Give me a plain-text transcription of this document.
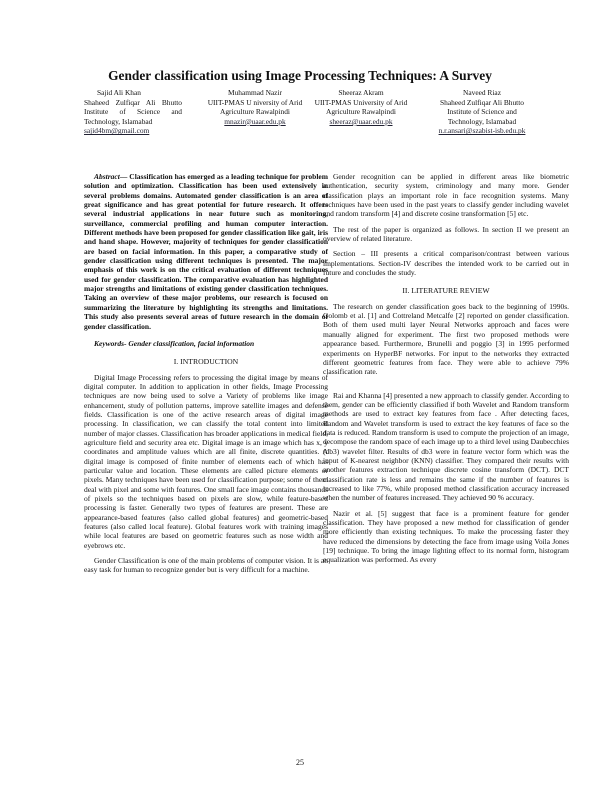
Gender classification using Image Processing Techniques: A Survey
Sajid Ali Khan
Shaheed Zulfiqar Ali Bhutto Institute of Science and Technology, Islamabad
sajid4bm@gmail.com
Muhammad Nazir
UIIT-PMAS U niversity of Arid Agriculture Rawalpindi
mnazir@uaar.edu.pk
Sheeraz Akram
UIIT-PMAS University of Arid Agriculture Rawalpindi
sheeraz@uaar.edu.pk
Naveed Riaz
Shaheed Zulfiqar Ali Bhutto Institute of Science and Technology, Islamabad
n.r.ansari@szabist-isb.edu.pk

Abstract— Classification has emerged as a leading technique for problem solution and optimization. Classification has been used extensively in several problems domains. Automated gender classification is an area of great significance and has great potential for future research. It offers several industrial applications in near future such as monitoring, surveillance, commercial profiling and human computer interaction. Different methods have been proposed for gender classification like gait, iris and hand shape. However, majority of techniques for gender classification are based on facial information. In this paper, a comparative study of gender classification using different techniques is presented. The major emphasis of this work is on the critical evaluation of different techniques used for gender classification. The comparative evaluation has highlighted major strengths and limitations of existing gender classification techniques. Taking an overview of these major problems, our research is focused on summarizing the literature by highlighting its strengths and limitations. This study also presents several areas of future research in the domain of gender classification.

Keywords- Gender classification, facial information

I. INTRODUCTION

Digital Image Processing refers to processing the digital image by means of digital computer. In addition to application in other fields, Image Processing techniques are now being used to solve a Variety of problems like image enhancement, study of pollution patterns, improve satellite images and defense fields. Classification is one of the active research areas of digital image processing. In classification, we can classify the total content into limited number of major classes. Classification has broader applications in medical field, agriculture field and security area etc. Digital image is an image which has x, y coordinates and amplitude values which are all finite, discrete quantities. A digital image is composed of finite number of elements each of which has particular value and location. These elements are called picture elements or pixels. Many techniques have been used for classification purpose; some of them deal with pixel and some with features. One small face image contains thousands of pixels so the techniques based on pixels are slow, while feature-based processing is faster. Generally two types of features are present. These are appearance-based features (also called global features) and geometric-based features (also called local feature). Global features work with training images while local features are based on geometric features such as nose width and eyebrows etc.

Gender Classification is one of the main problems of computer vision. It is an easy task for human to recognize gender but is very difficult for a machine.

Gender recognition can be applied in different areas like biometric authentication, security system, criminology and many more. Gender classification plays an important role in face recognition systems. Many techniques have been used in the past years to classify gender including wavelet and random transform [4] and discrete cosine transformation [5] etc.

The rest of the paper is organized as follows. In section II we present an overview of related literature.

Section – III presents a critical comparison/contrast between various implementations. Section-IV describes the intended work to be carried out in future and concludes the study.

II. LITERATURE REVIEW

The research on gender classification goes back to the beginning of 1990s. Golomb et al. [1] and Cottreland Metcalfe [2] reported on gender classification. Both of them used multi layer Neural Networks approach and faces were manually aligned for experiment. The first two proposed methods were appearance based. Furthermore, Brunelli and poggio [3] in 1995 performed experiments on HyperBF networks. For input to the networks they extracted different geometric features from face. They were able to achieve 79% classification rate.

Rai and Khanna [4] presented a new approach to classify gender. According to them, gender can be efficiently classified if both Wavelet and Random transform methods are used to extract key features from face . After detecting faces, Random and Wavelet transform is used to extract the key features of face so the data is reduced. Random transform is used to compute the projection of an image, decompose the random space of each image up to a third level using Daubecchies (db3) wavelet filter. Results of db3 were in feature vector form which was the input of K-nearest neighbor (KNN) classifier. They compared their results with another features extraction technique discrete cosine transform (DCT). DCT classification rate is less and remains the same if the number of features is increased to like 77%, while proposed method classification accuracy increased when the number of features increased. They achieved 90 % accuracy.

Nazir et al. [5] suggest that face is a prominent feature for gender classification. They have proposed a new method for classification of gender more efficiently than existing techniques. To make the processing faster they have reduced the dimensions by detecting the face from image using Voila Jones [19] technique. To bring the image lighting effect to its normal form, histogram equalization was performed. As every

25
